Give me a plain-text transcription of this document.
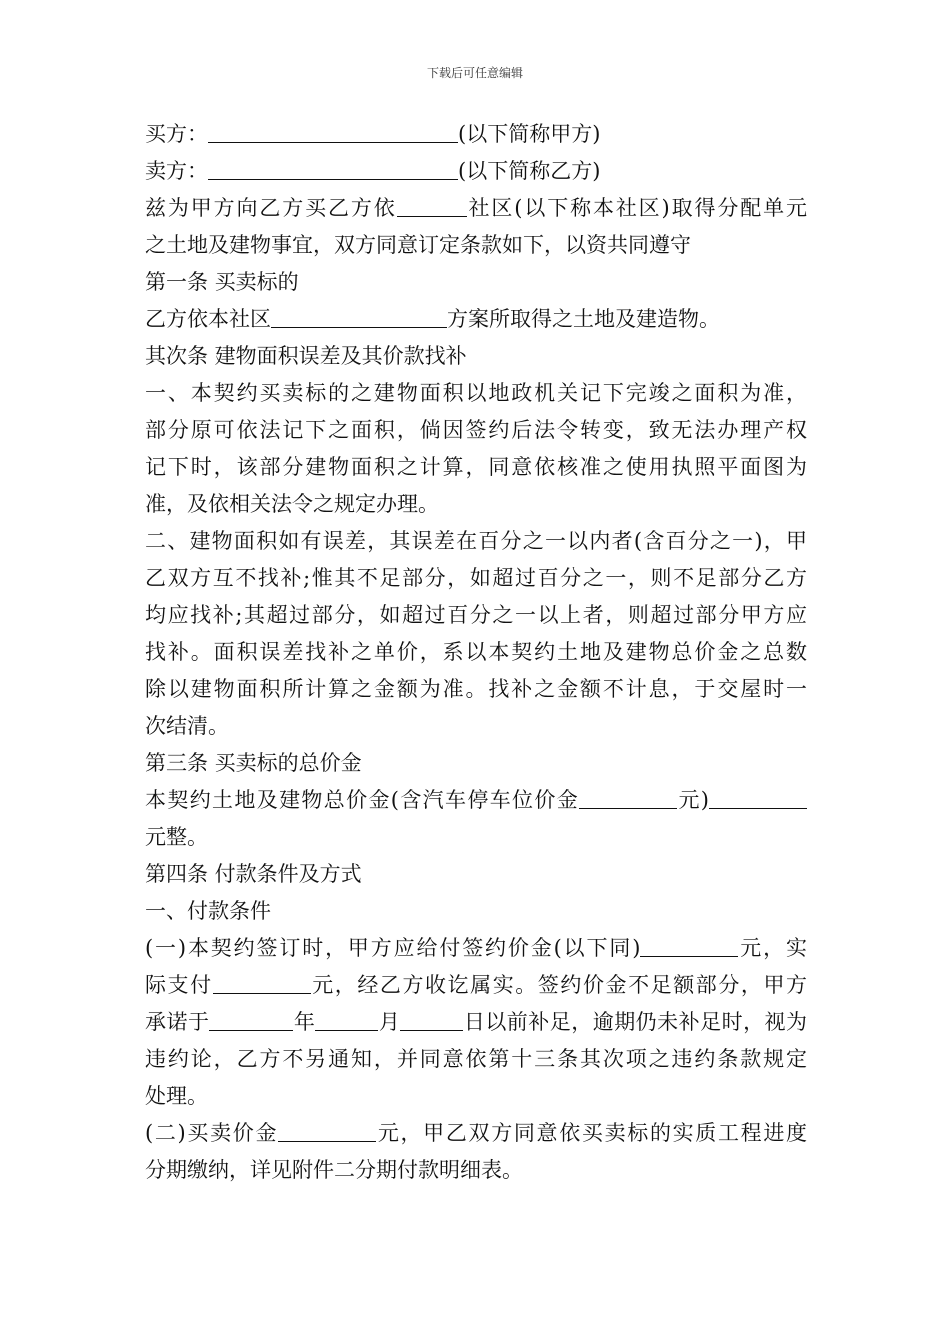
下载后可任意编辑
买方：	(以下简称甲方)
卖方：	(以下简称乙方)
兹为甲方向乙方买乙方依	社区(以下称本社区)取得分配单元
之土地及建物事宜，双方同意订定条款如下，以资共同遵守
第一条 买卖标的
乙方依本社区	方案所取得之土地及建造物。
其次条 建物面积误差及其价款找补
一、本契约买卖标的之建物面积以地政机关记下完竣之面积为准，
部分原可依法记下之面积，倘因签约后法令转变，致无法办理产权
记下时，该部分建物面积之计算，同意依核准之使用执照平面图为
准，及依相关法令之规定办理。
二、建物面积如有误差，其误差在百分之一以内者(含百分之一)，甲
乙双方互不找补;惟其不足部分，如超过百分之一，则不足部分乙方
均应找补;其超过部分，如超过百分之一以上者，则超过部分甲方应
找补。面积误差找补之单价，系以本契约土地及建物总价金之总数
除以建物面积所计算之金额为准。找补之金额不计息，于交屋时一
次结清。
第三条 买卖标的总价金
本契约土地及建物总价金(含汽车停车位价金	元)
元整。
第四条 付款条件及方式
一、付款条件
(一)本契约签订时，甲方应给付签约价金(以下同)	元，实
际支付	元，经乙方收讫属实。签约价金不足额部分，甲方
承诺于	年	月	日以前补足，逾期仍未补足时，视为
违约论，乙方不另通知，并同意依第十三条其次项之违约条款规定
处理。
(二)买卖价金	元，甲乙双方同意依买卖标的实质工程进度
分期缴纳，详见附件二分期付款明细表。
